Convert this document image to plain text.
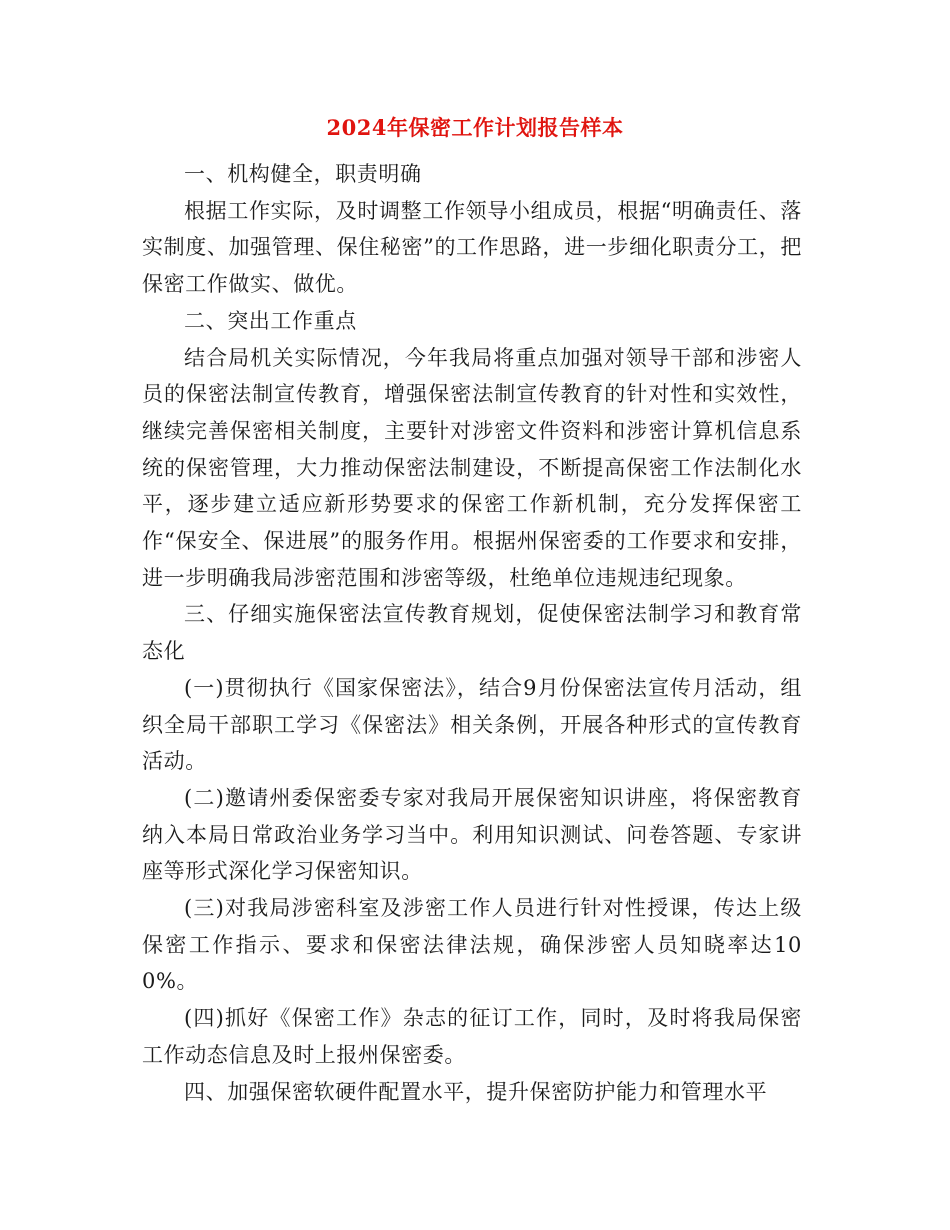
2024年保密工作计划报告样本

一、机构健全，职责明确

根据工作实际，及时调整工作领导小组成员，根据“明确责任、落实制度、加强管理、保住秘密”的工作思路，进一步细化职责分工，把保密工作做实、做优。

二、突出工作重点

结合局机关实际情况，今年我局将重点加强对领导干部和涉密人员的保密法制宣传教育，增强保密法制宣传教育的针对性和实效性，继续完善保密相关制度，主要针对涉密文件资料和涉密计算机信息系统的保密管理，大力推动保密法制建设，不断提高保密工作法制化水平，逐步建立适应新形势要求的保密工作新机制，充分发挥保密工作“保安全、保进展”的服务作用。根据州保密委的工作要求和安排，进一步明确我局涉密范围和涉密等级，杜绝单位违规违纪现象。

三、仔细实施保密法宣传教育规划，促使保密法制学习和教育常态化

(一)贯彻执行《国家保密法》，结合9月份保密法宣传月活动，组织全局干部职工学习《保密法》相关条例，开展各种形式的宣传教育活动。

(二)邀请州委保密委专家对我局开展保密知识讲座，将保密教育纳入本局日常政治业务学习当中。利用知识测试、问卷答题、专家讲座等形式深化学习保密知识。

(三)对我局涉密科室及涉密工作人员进行针对性授课，传达上级保密工作指示、要求和保密法律法规，确保涉密人员知晓率达100%。

(四)抓好《保密工作》杂志的征订工作，同时，及时将我局保密工作动态信息及时上报州保密委。

四、加强保密软硬件配置水平，提升保密防护能力和管理水平
